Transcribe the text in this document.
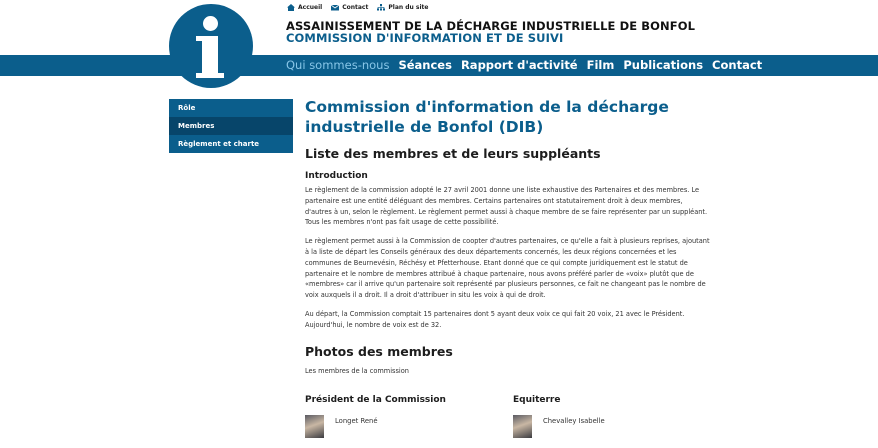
Accueil	Contact	Plan du site
ASSAINISSEMENT DE LA DÉCHARGE INDUSTRIELLE DE BONFOL
COMMISSION D'INFORMATION ET DE SUIVI
Qui sommes-nous Séances Rapport d'activité Film Publications Contact
Rôle
Membres
Règlement et charte
Commission d'information de la décharge industrielle de Bonfol (DIB)
Liste des membres et de leurs suppléants
Introduction

Le règlement de la commission adopté le 27 avril 2001 donne une liste exhaustive des Partenaires et des membres. Le partenaire est une entité déléguant des membres. Certains partenaires ont statutairement droit à deux membres, d'autres à un, selon le règlement. Le règlement permet aussi à chaque membre de se faire représenter par un suppléant. Tous les membres n'ont pas fait usage de cette possibilité.

Le règlement permet aussi à la Commission de coopter d'autres partenaires, ce qu'elle a fait à plusieurs reprises, ajoutant à la liste de départ les Conseils généraux des deux départements concernés, les deux régions concernées et les communes de Beurnevésin, Réchésy et Pfetterhouse. Etant donné que ce qui compte juridiquement est le statut de partenaire et le nombre de membres attribué à chaque partenaire, nous avons préféré parler de «voix» plutôt que de «membres» car il arrive qu'un partenaire soit représenté par plusieurs personnes, ce fait ne changeant pas le nombre de voix auxquels il a droit. Il a droit d'attribuer in situ les voix à qui de droit.

Au départ, la Commission comptait 15 partenaires dont 5 ayant deux voix ce qui fait 20 voix, 21 avec le Président. Aujourd'hui, le nombre de voix est de 32.

Photos des membres
Les membres de la commission
Président de la Commission
Longet René
Equiterre
Chevalley Isabelle
